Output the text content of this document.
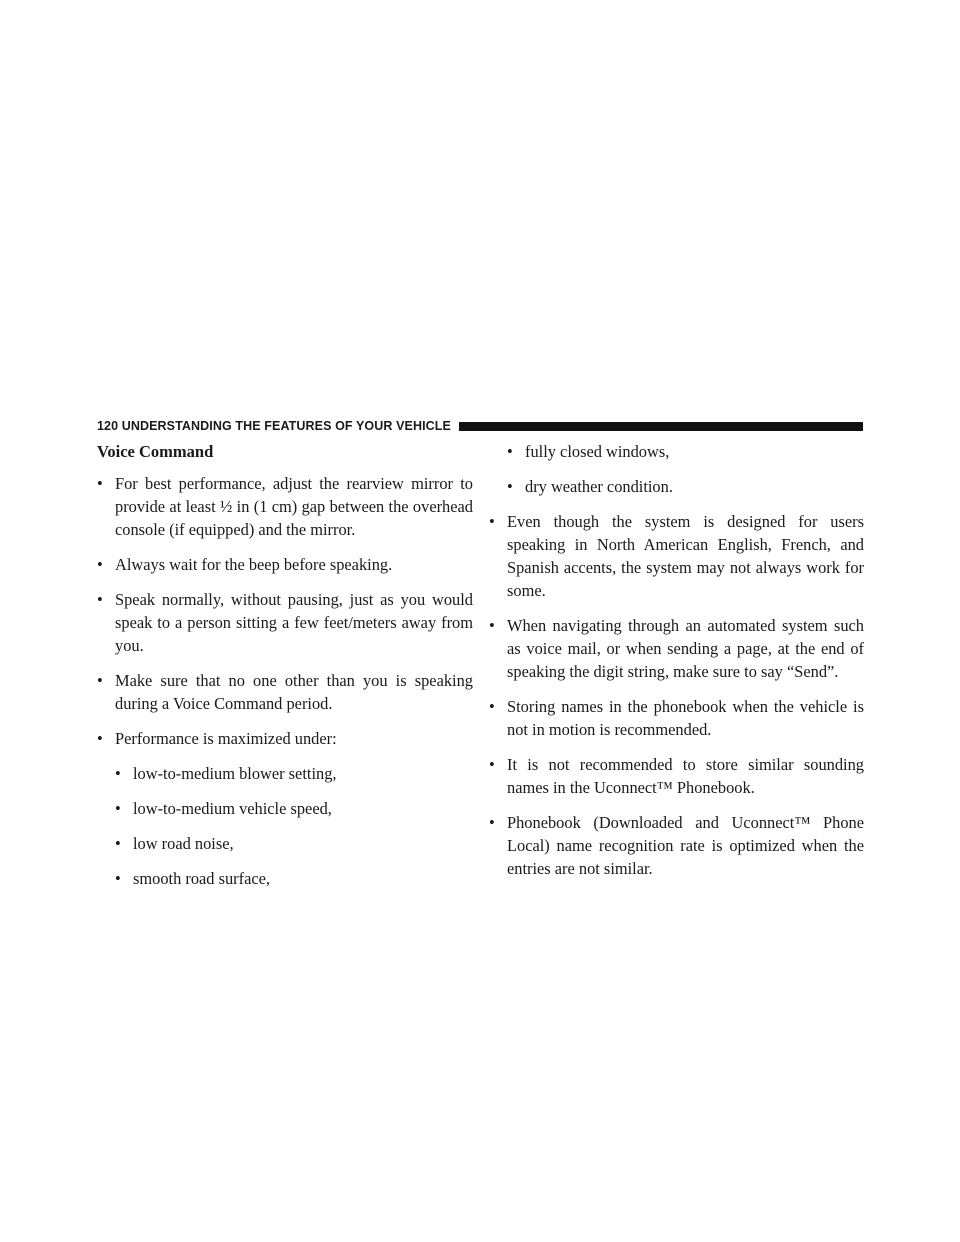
120 UNDERSTANDING THE FEATURES OF YOUR VEHICLE
Voice Command
• For best performance, adjust the rearview mirror to provide at least ½ in (1 cm) gap between the overhead console (if equipped) and the mirror.
• Always wait for the beep before speaking.
• Speak normally, without pausing, just as you would speak to a person sitting a few feet/meters away from you.
• Make sure that no one other than you is speaking during a Voice Command period.
• Performance is maximized under:
• low-to-medium blower setting,
• low-to-medium vehicle speed,
• low road noise,
• smooth road surface,
• fully closed windows,
• dry weather condition.
• Even though the system is designed for users speaking in North American English, French, and Spanish accents, the system may not always work for some.
• When navigating through an automated system such as voice mail, or when sending a page, at the end of speaking the digit string, make sure to say “Send”.
• Storing names in the phonebook when the vehicle is not in motion is recommended.
• It is not recommended to store similar sounding names in the Uconnect™ Phonebook.
• Phonebook (Downloaded and Uconnect™ Phone Local) name recognition rate is optimized when the entries are not similar.
